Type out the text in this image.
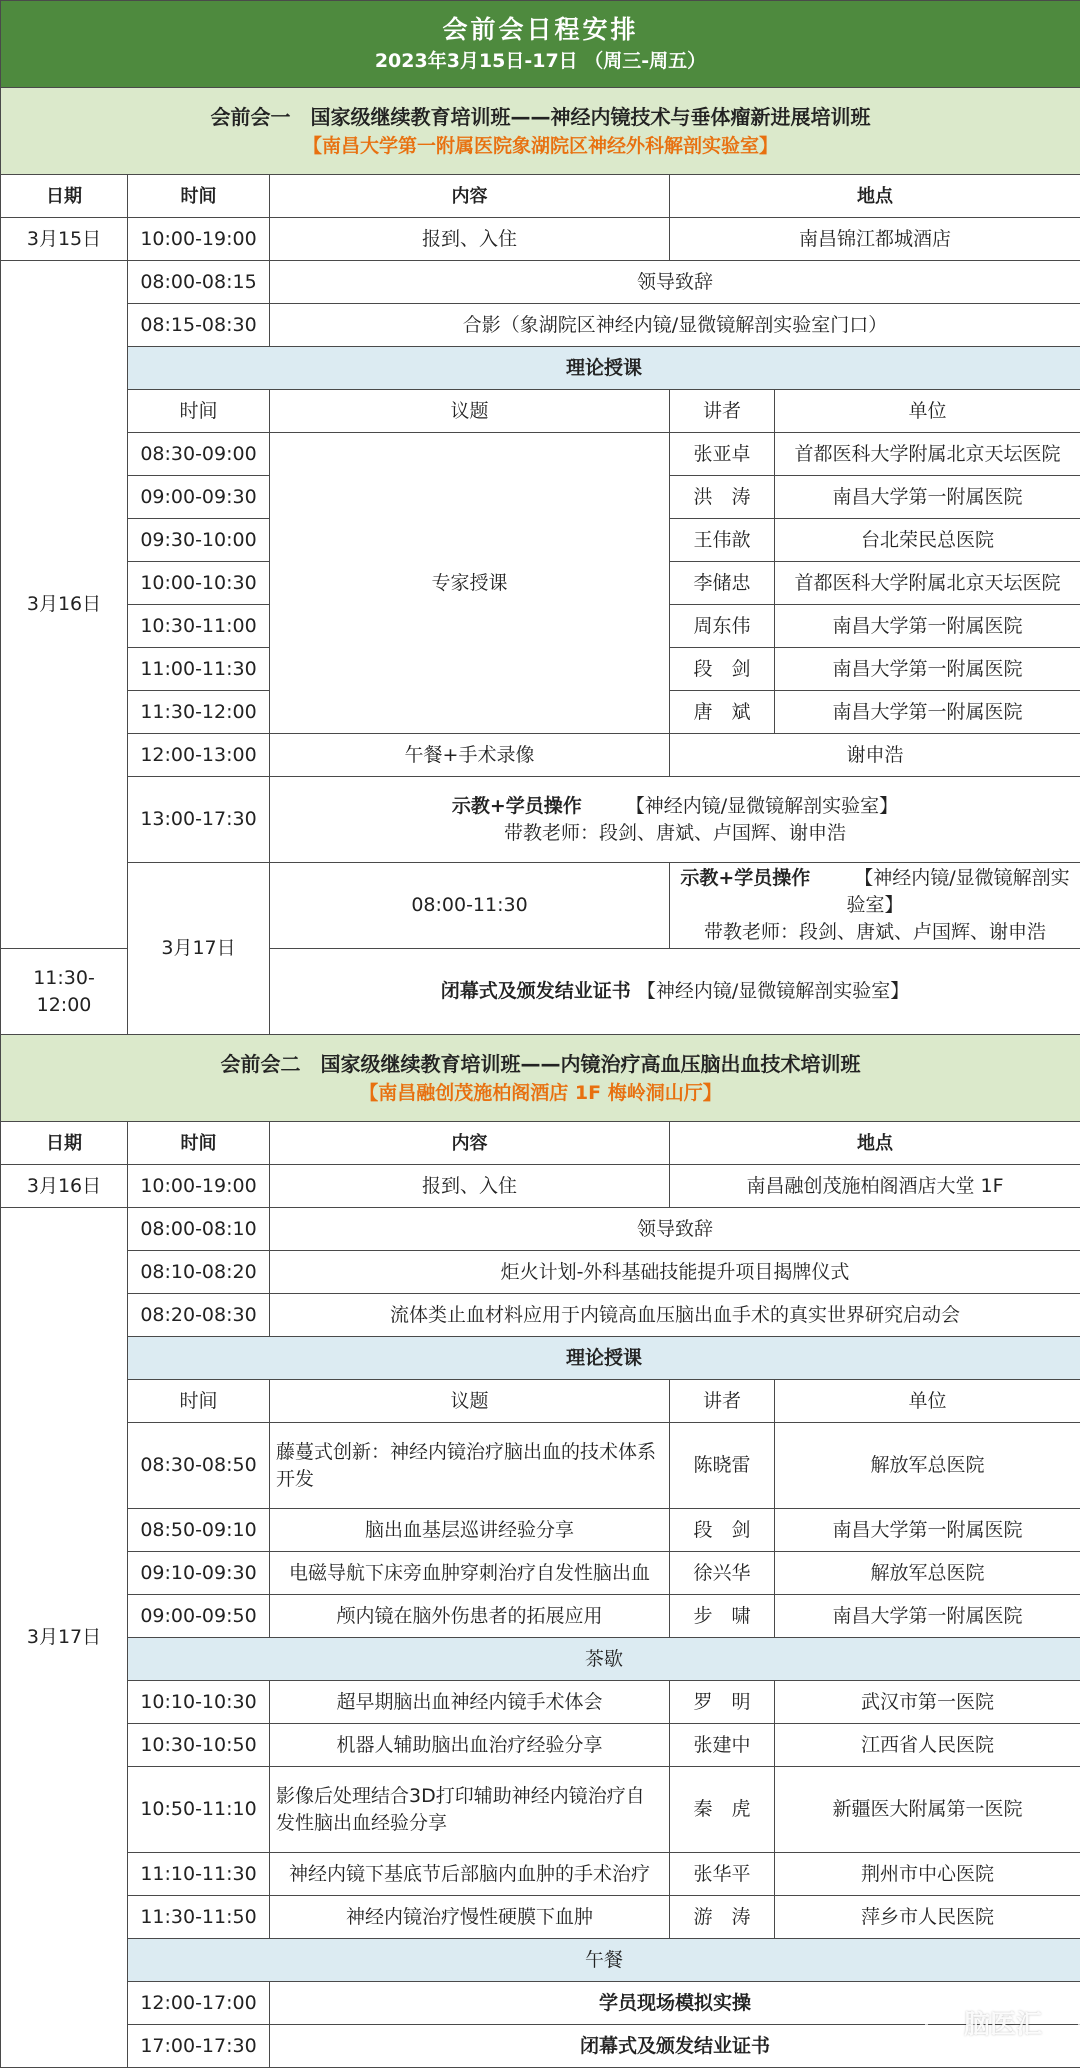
会前会日程安排
2023年3月15日-17日 （周三-周五）				

会前会一　国家级继续教育培训班——神经内镜技术与垂体瘤新进展培训班
【南昌大学第一附属医院象湖院区神经外科解剖实验室】				

日期	时间	内容	地点	
3月15日	10:00-19:00	报到、入住	南昌锦江都城酒店	
3月16日	08:00-08:15	领导致辞		
	08:15-08:30	合影（象湖院区神经内镜/显微镜解剖实验室门口）		
	理论授课			
	时间	议题	讲者	单位
	08:30-09:00	专家授课	张亚卓	首都医科大学附属北京天坛医院
	09:00-09:30		洪　涛	南昌大学第一附属医院
	09:30-10:00		王伟歆	台北荣民总医院
	10:00-10:30		李储忠	首都医科大学附属北京天坛医院
	10:30-11:00		周东伟	南昌大学第一附属医院
	11:00-11:30		段　剑	南昌大学第一附属医院
	11:30-12:00		唐　斌	南昌大学第一附属医院
	12:00-13:00	午餐+手术录像	谢申浩	
	13:00-17:30	示教+学员操作 【神经内镜/显微镜解剖实验室】
带教老师：段剑、唐斌、卢国辉、谢申浩		

	3月17日	08:00-11:30	示教+学员操作 【神经内镜/显微镜解剖实验室】
带教老师：段剑、唐斌、卢国辉、谢申浩	

11:30-12:00		闭幕式及颁发结业证书 【神经内镜/显微镜解剖实验室】		

会前会二　国家级继续教育培训班——内镜治疗高血压脑出血技术培训班
【南昌融创茂施柏阁酒店 1F 梅岭洞山厅】				

日期	时间	内容	地点	
3月16日	10:00-19:00	报到、入住	南昌融创茂施柏阁酒店大堂 1F	
3月17日	08:00-08:10	领导致辞		
	08:10-08:20	炬火计划-外科基础技能提升项目揭牌仪式		
	08:20-08:30	流体类止血材料应用于内镜高血压脑出血手术的真实世界研究启动会		
	理论授课			
	时间	议题	讲者	单位
	08:30-08:50	藤蔓式创新：神经内镜治疗脑出血的技术体系开发	陈晓雷	解放军总医院
	08:50-09:10	脑出血基层巡讲经验分享	段　剑	南昌大学第一附属医院
	09:10-09:30	电磁导航下床旁血肿穿刺治疗自发性脑出血	徐兴华	解放军总医院
	09:00-09:50	颅内镜在脑外伤患者的拓展应用	步　啸	南昌大学第一附属医院
	茶歇			
	10:10-10:30	超早期脑出血神经内镜手术体会	罗　明	武汉市第一医院
	10:30-10:50	机器人辅助脑出血治疗经验分享	张建中	江西省人民医院
	10:50-11:10	影像后处理结合3D打印辅助神经内镜治疗自发性脑出血经验分享	秦　虎	新疆医大附属第一医院
	11:10-11:30	神经内镜下基底节后部脑内血肿的手术治疗	张华平	荆州市中心医院
	11:30-11:50	神经内镜治疗慢性硬膜下血肿	游　涛	萍乡市人民医院
	午餐			
	12:00-17:00	学员现场模拟实操		
	17:00-17:30	闭幕式及颁发结业证书		
脑医汇
